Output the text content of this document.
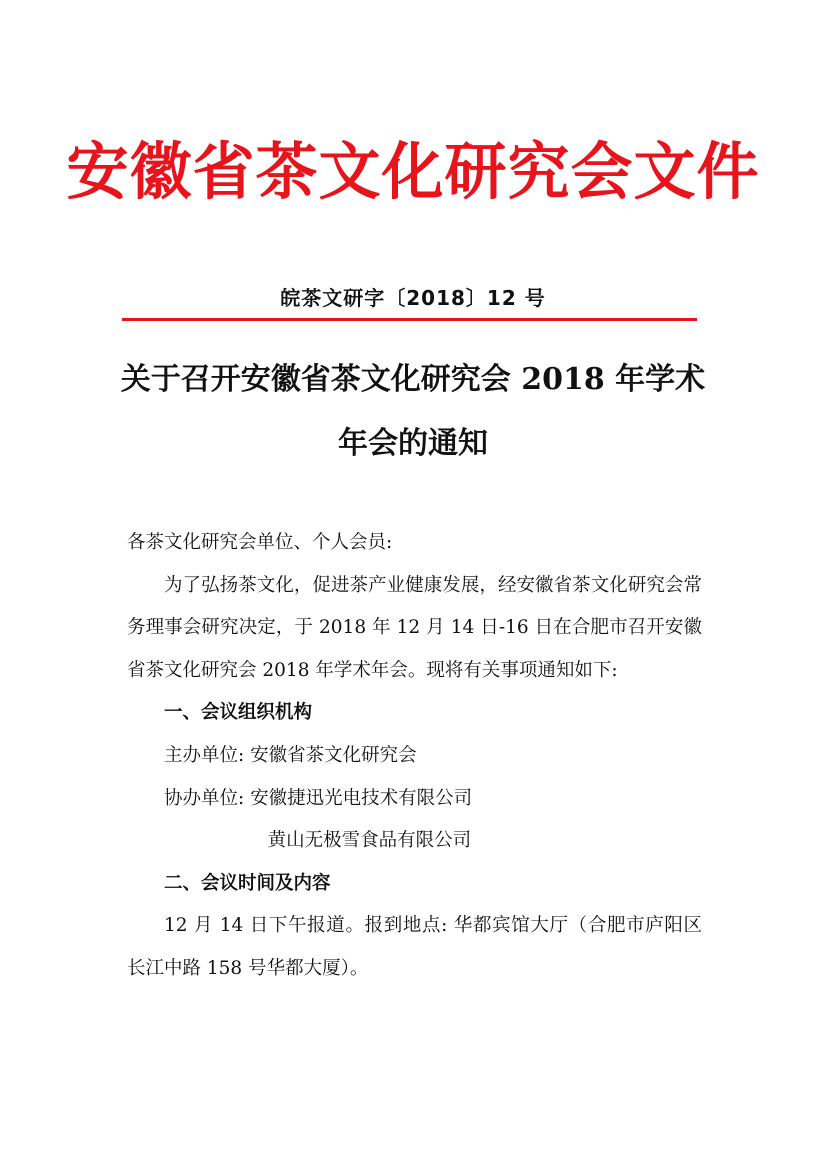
安徽省茶文化研究会文件
皖茶文研字〔2018〕12 号
关于召开安徽省茶文化研究会 2018 年学术
年会的通知

各茶文化研究会单位、个人会员:

为了弘扬茶文化，促进茶产业健康发展，经安徽省茶文化研究会常务理事会研究决定，于 2018 年 12 月 14 日-16 日在合肥市召开安徽省茶文化研究会 2018 年学术年会。现将有关事项通知如下:

一、会议组织机构

主办单位: 安徽省茶文化研究会

协办单位: 安徽捷迅光电技术有限公司

黄山无极雪食品有限公司

二、会议时间及内容

12 月 14 日下午报道。报到地点: 华都宾馆大厅（合肥市庐阳区长江中路 158 号华都大厦）。
